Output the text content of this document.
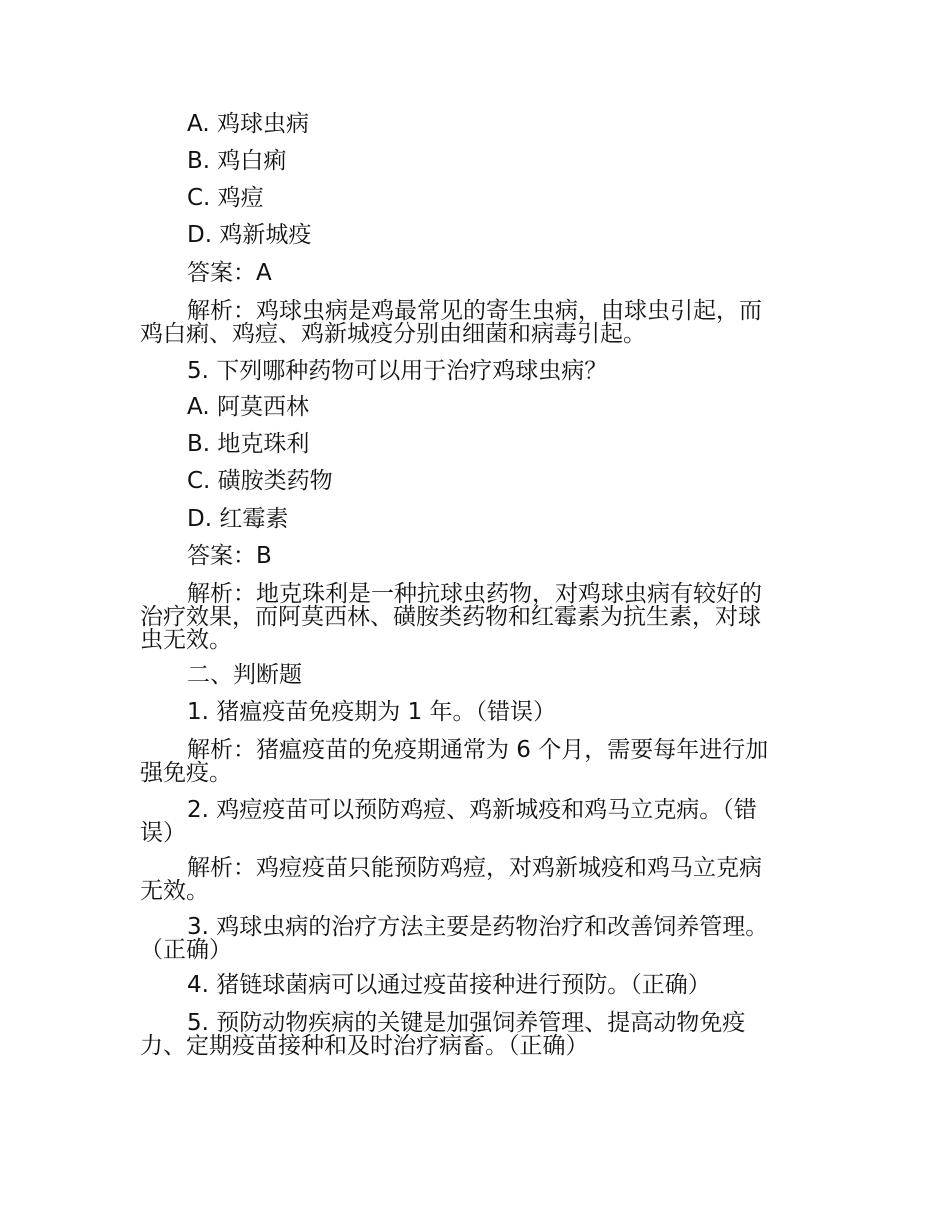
A. 鸡球虫病
B. 鸡白痢
C. 鸡痘
D. 鸡新城疫
答案：A
解析：鸡球虫病是鸡最常见的寄生虫病，由球虫引起，而
鸡白痢、鸡痘、鸡新城疫分别由细菌和病毒引起。
5. 下列哪种药物可以用于治疗鸡球虫病？
A. 阿莫西林
B. 地克珠利
C. 磺胺类药物
D. 红霉素
答案：B
解析：地克珠利是一种抗球虫药物，对鸡球虫病有较好的
治疗效果，而阿莫西林、磺胺类药物和红霉素为抗生素，对球
虫无效。
二、判断题
1. 猪瘟疫苗免疫期为 1 年。（错误）
解析：猪瘟疫苗的免疫期通常为 6 个月，需要每年进行加
强免疫。
2. 鸡痘疫苗可以预防鸡痘、鸡新城疫和鸡马立克病。（错
误）
解析：鸡痘疫苗只能预防鸡痘，对鸡新城疫和鸡马立克病
无效。
3. 鸡球虫病的治疗方法主要是药物治疗和改善饲养管理。
（正确）
4. 猪链球菌病可以通过疫苗接种进行预防。（正确）
5. 预防动物疾病的关键是加强饲养管理、提高动物免疫
力、定期疫苗接种和及时治疗病畜。（正确）
